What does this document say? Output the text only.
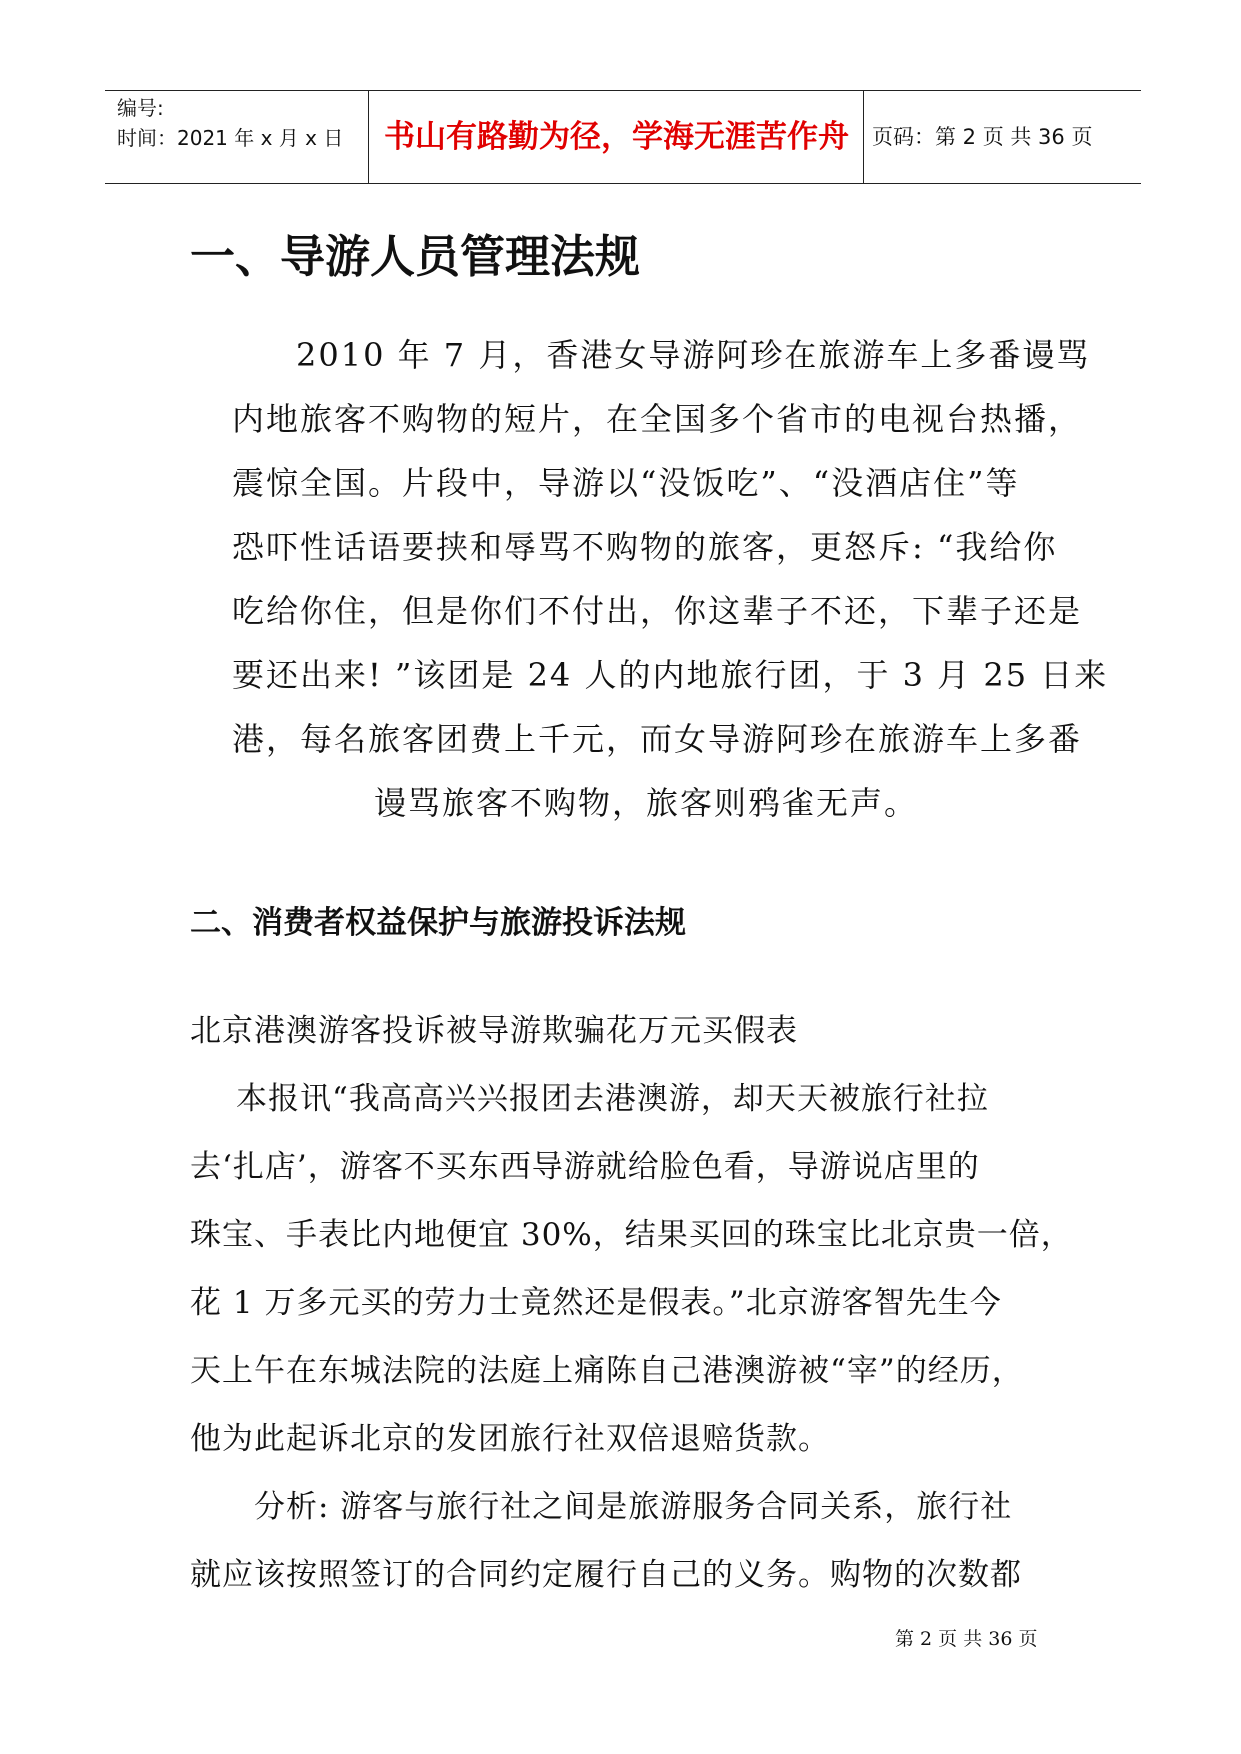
编号:
时间：2021 年 x 月 x 日	书山有路勤为径，学海无涯苦作舟	页码：第 2 页 共 36 页
一、导游人员管理法规
2010 年 7 月，香港女导游阿珍在旅游车上多番谩骂
内地旅客不购物的短片，在全国多个省市的电视台热播，
震惊全国。片段中，导游以“没饭吃”、“没酒店住”等
恐吓性话语要挟和辱骂不购物的旅客，更怒斥: “我给你
吃给你住，但是你们不付出，你这辈子不还，下辈子还是
要还出来! ”该团是 24 人的内地旅行团，于 3 月 25 日来
港，每名旅客团费上千元，而女导游阿珍在旅游车上多番
谩骂旅客不购物，旅客则鸦雀无声。
二、消费者权益保护与旅游投诉法规
北京港澳游客投诉被导游欺骗花万元买假表
本报讯“我高高兴兴报团去港澳游，却天天被旅行社拉
去‘扎店’，游客不买东西导游就给脸色看，导游说店里的
珠宝、手表比内地便宜 30%，结果买回的珠宝比北京贵一倍，
花 1 万多元买的劳力士竟然还是假表。”北京游客智先生今
天上午在东城法院的法庭上痛陈自己港澳游被“宰”的经历，
他为此起诉北京的发团旅行社双倍退赔货款。
分析: 游客与旅行社之间是旅游服务合同关系，旅行社
就应该按照签订的合同约定履行自己的义务。购物的次数都
第 2 页 共 36 页
